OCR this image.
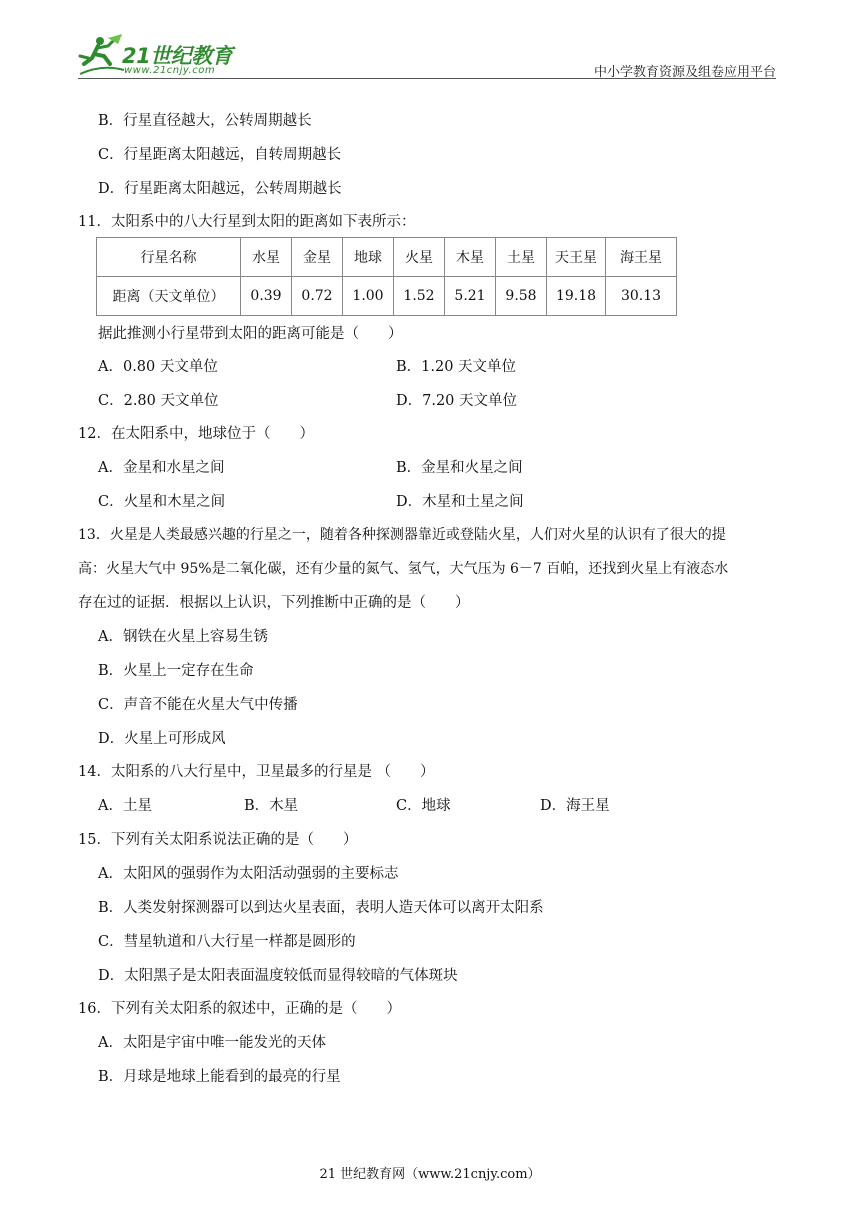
21世纪教育
www.21cnjy.com	中小学教育资源及组卷应用平台
B．行星直径越大，公转周期越长
C．行星距离太阳越远，自转周期越长
D．行星距离太阳越远，公转周期越长
11．太阳系中的八大行星到太阳的距离如下表所示：
行星名称	水星	金星	地球	火星	木星	土星	天王星	海王星
距离（天文单位）	0.39	0.72	1.00	1.52	5.21	9.58	19.18	30.13
据此推测小行星带到太阳的距离可能是（　　）
A．0.80 天文单位	B．1.20 天文单位
C．2.80 天文单位	D．7.20 天文单位
12．在太阳系中，地球位于（　　）
A．金星和水星之间	B．金星和火星之间
C．火星和木星之间	D．木星和土星之间
13．火星是人类最感兴趣的行星之一，随着各种探测器靠近或登陆火星，人们对火星的认识有了很大的提
高：火星大气中 95%是二氧化碳，还有少量的氮气、氢气，大气压为 6－7 百帕，还找到火星上有液态水
存在过的证据．根据以上认识，下列推断中正确的是（　　）
A．钢铁在火星上容易生锈
B．火星上一定存在生命
C．声音不能在火星大气中传播
D．火星上可形成风
14．太阳系的八大行星中，卫星最多的行星是 （　　）
A．土星	B．木星	C．地球	D．海王星
15．下列有关太阳系说法正确的是（　　）
A．太阳风的强弱作为太阳活动强弱的主要标志
B．人类发射探测器可以到达火星表面，表明人造天体可以离开太阳系
C．彗星轨道和八大行星一样都是圆形的
D．太阳黑子是太阳表面温度较低而显得较暗的气体斑块
16．下列有关太阳系的叙述中，正确的是（　　）
A．太阳是宇宙中唯一能发光的天体
B．月球是地球上能看到的最亮的行星
21 世纪教育网（www.21cnjy.com）
